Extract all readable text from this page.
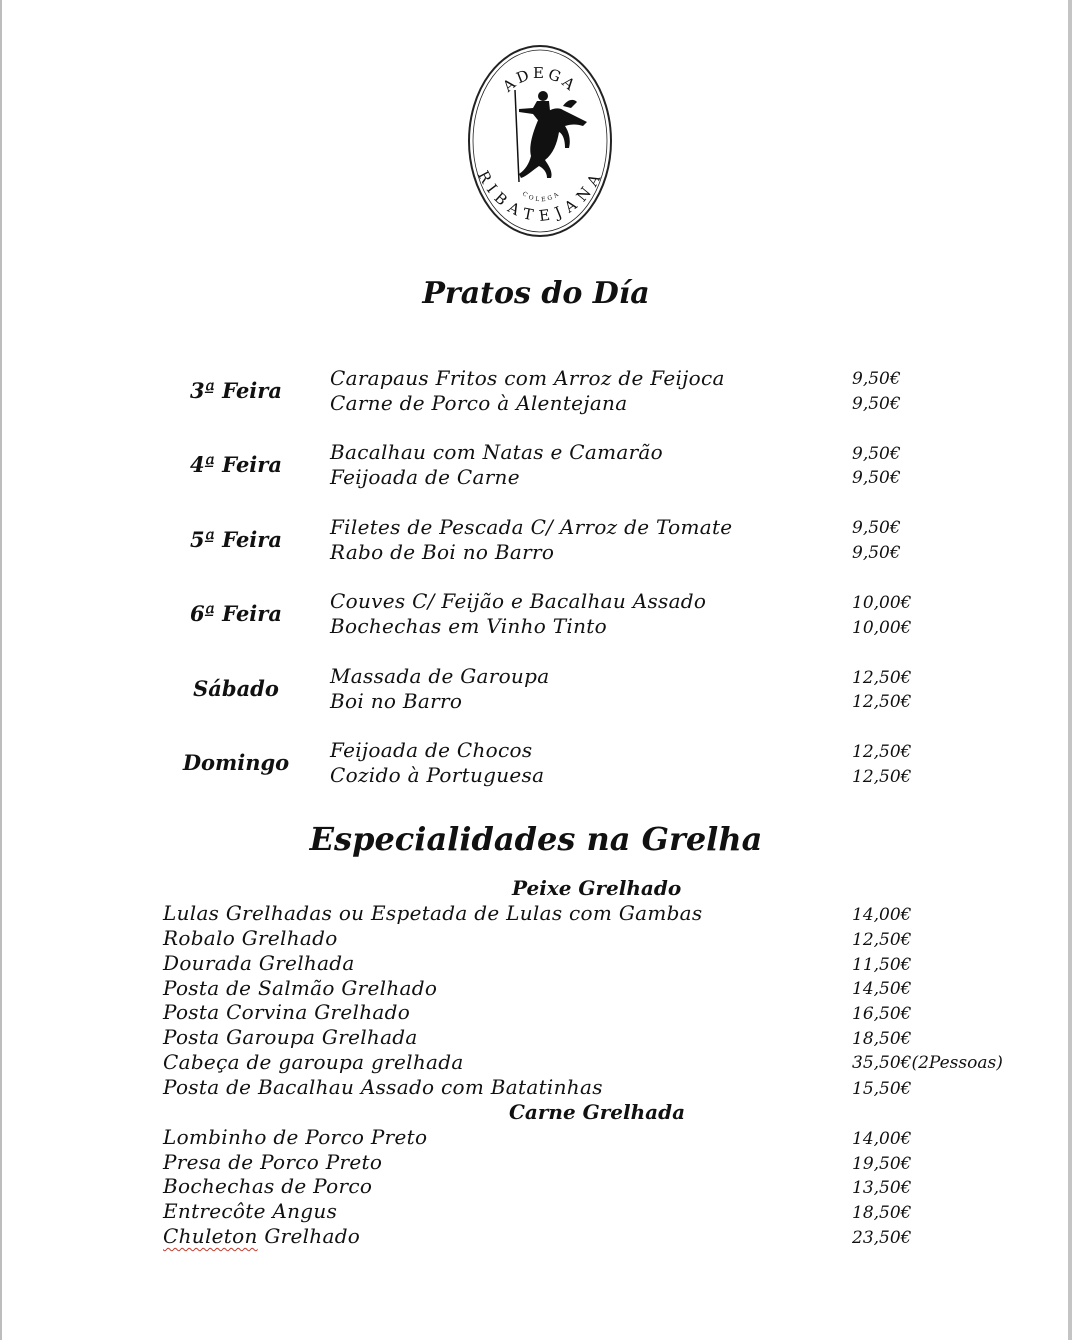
ADEGA
RIBATEJANA
COLEGA
Pratos do Día
Especialidades na Grelha
3ª Feira	Carapaus Fritos com Arroz de Feijoca	9,50€
Carne de Porco à Alentejana	9,50€
4ª Feira	Bacalhau com Natas e Camarão	9,50€
Feijoada de Carne	9,50€
5ª Feira	Filetes de Pescada C/ Arroz de Tomate	9,50€
Rabo de Boi no Barro	9,50€
6ª Feira	Couves C/ Feijão e Bacalhau Assado	10,00€
Bochechas em Vinho Tinto	10,00€
Sábado	Massada de Garoupa	12,50€
Boi no Barro	12,50€
Domingo	Feijoada de Chocos	12,50€
Cozido à Portuguesa	12,50€
Peixe Grelhado
Lulas Grelhadas ou Espetada de Lulas com Gambas	14,00€
Robalo Grelhado	12,50€
Dourada Grelhada	11,50€
Posta de Salmão Grelhado	14,50€
Posta Corvina Grelhado	16,50€
Posta Garoupa Grelhada	18,50€
Cabeça de garoupa grelhada	35,50€(2Pessoas)
Posta de Bacalhau Assado com Batatinhas	15,50€
Carne Grelhada
Lombinho de Porco Preto	14,00€
Presa de Porco Preto	19,50€
Bochechas de Porco	13,50€
Entrecôte Angus	18,50€
Chuleton Grelhado	23,50€
